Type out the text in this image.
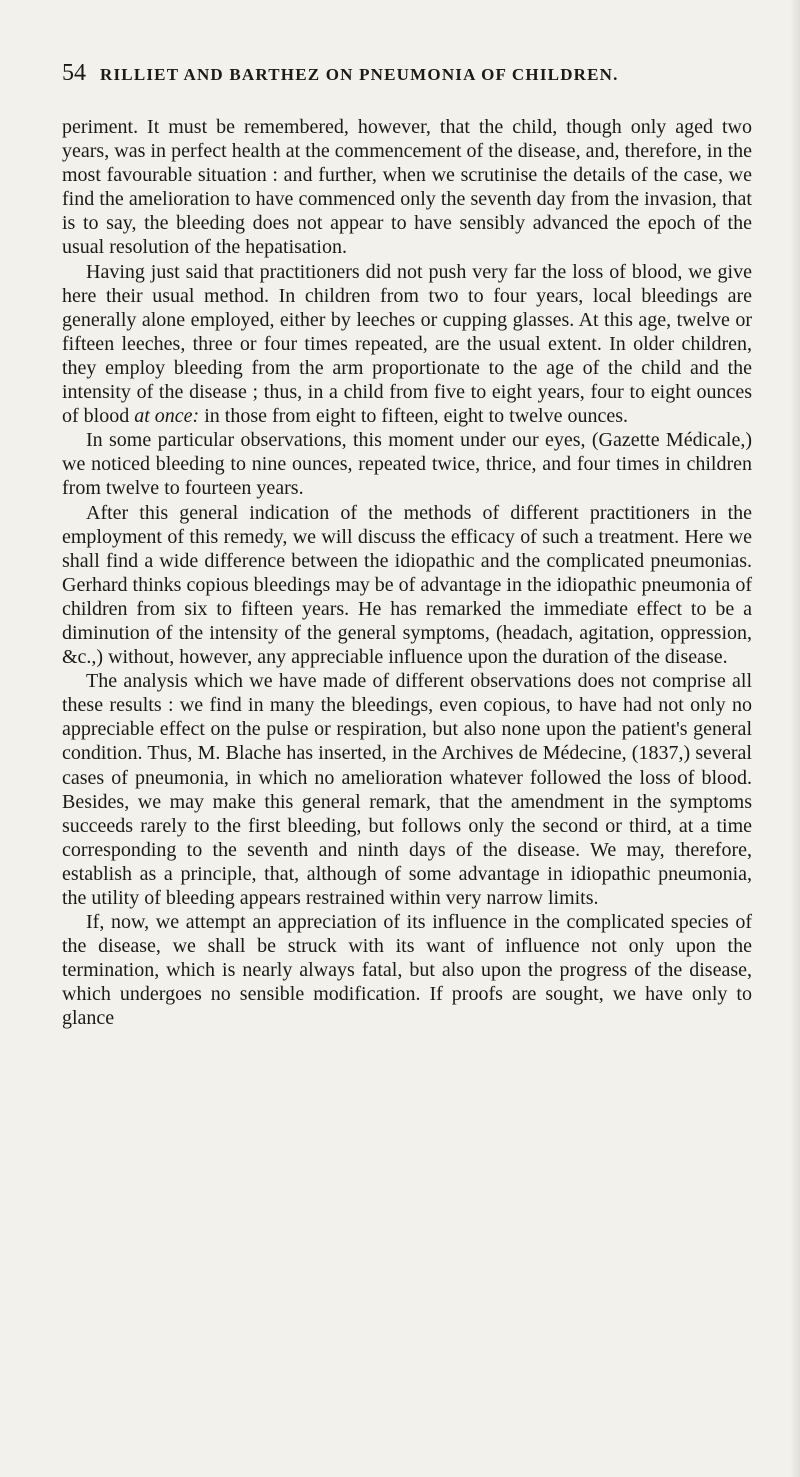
54 RILLIET AND BARTHEZ ON PNEUMONIA OF CHILDREN.

periment. It must be remembered, however, that the child, though only aged two years, was in perfect health at the commencement of the disease, and, therefore, in the most favourable situation : and further, when we scrutinise the details of the case, we find the amelioration to have commenced only the seventh day from the invasion, that is to say, the bleeding does not appear to have sensibly advanced the epoch of the usual resolution of the hepatisation.

Having just said that practitioners did not push very far the loss of blood, we give here their usual method. In children from two to four years, local bleedings are generally alone employed, either by leeches or cupping glasses. At this age, twelve or fifteen leeches, three or four times repeated, are the usual extent. In older children, they employ bleeding from the arm proportionate to the age of the child and the intensity of the disease ; thus, in a child from five to eight years, four to eight ounces of blood at once: in those from eight to fifteen, eight to twelve ounces.

In some particular observations, this moment under our eyes, (Gazette Médicale,) we noticed bleeding to nine ounces, repeated twice, thrice, and four times in children from twelve to fourteen years.

After this general indication of the methods of different practitioners in the employment of this remedy, we will discuss the efficacy of such a treatment. Here we shall find a wide difference between the idiopathic and the complicated pneumonias. Gerhard thinks copious bleedings may be of advantage in the idiopathic pneumonia of children from six to fifteen years. He has remarked the immediate effect to be a diminution of the intensity of the general symptoms, (headach, agitation, oppression, &c.,) without, however, any appreciable influence upon the duration of the disease.

The analysis which we have made of different observations does not comprise all these results : we find in many the bleedings, even copious, to have had not only no appreciable effect on the pulse or respiration, but also none upon the patient's general condition. Thus, M. Blache has inserted, in the Archives de Médecine, (1837,) several cases of pneumonia, in which no amelioration whatever followed the loss of blood. Besides, we may make this general remark, that the amendment in the symptoms succeeds rarely to the first bleeding, but follows only the second or third, at a time corresponding to the seventh and ninth days of the disease. We may, therefore, establish as a principle, that, although of some advantage in idiopathic pneumonia, the utility of bleeding appears restrained within very narrow limits.

If, now, we attempt an appreciation of its influence in the complicated species of the disease, we shall be struck with its want of influence not only upon the termination, which is nearly always fatal, but also upon the progress of the disease, which undergoes no sensible modification. If proofs are sought, we have only to glance
